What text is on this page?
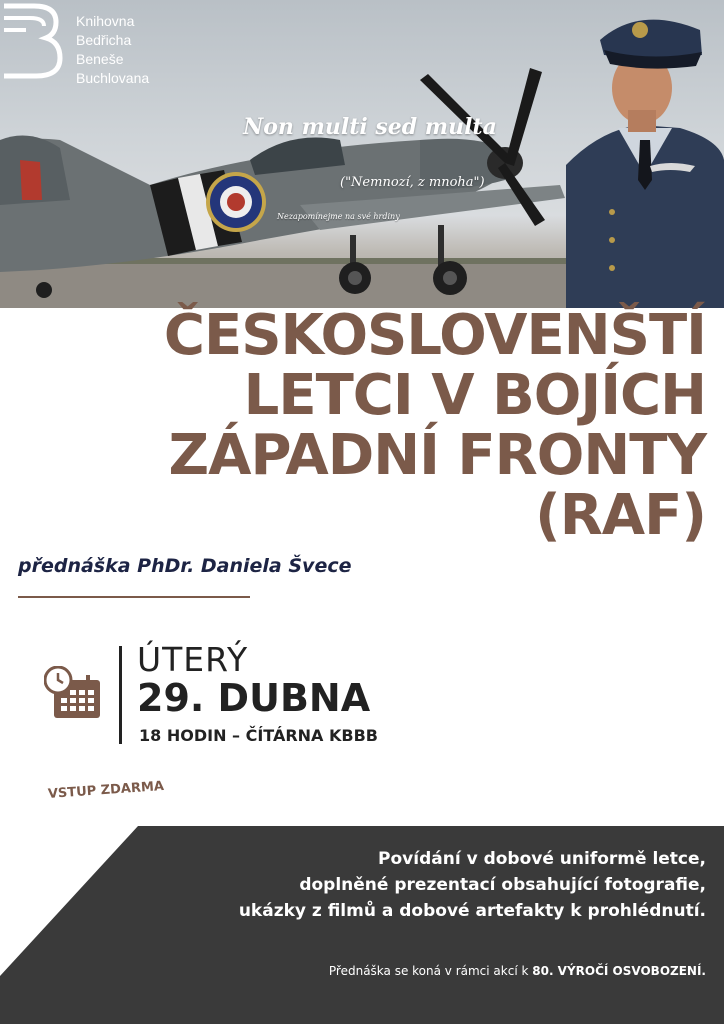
Knihovna
Bedřicha
Beneše
Buchlovana
Non multi sed multa
("Nemnozí, z mnoha")
Nezapomínejme na své hrdiny
ČESKOSLOVENŠTÍ
LETCI V BOJÍCH
ZÁPADNÍ FRONTY
(RAF)
přednáška PhDr. Daniela Švece
ÚTERÝ
29. DUBNA
18 HODIN – ČÍTÁRNA KBBB
VSTUP ZDARMA
Povídání v dobové uniformě letce,
doplněné prezentací obsahující fotografie,
ukázky z filmů a dobové artefakty k prohlédnutí.
Přednáška se koná v rámci akcí k 80. VÝROČÍ OSVOBOZENÍ.
